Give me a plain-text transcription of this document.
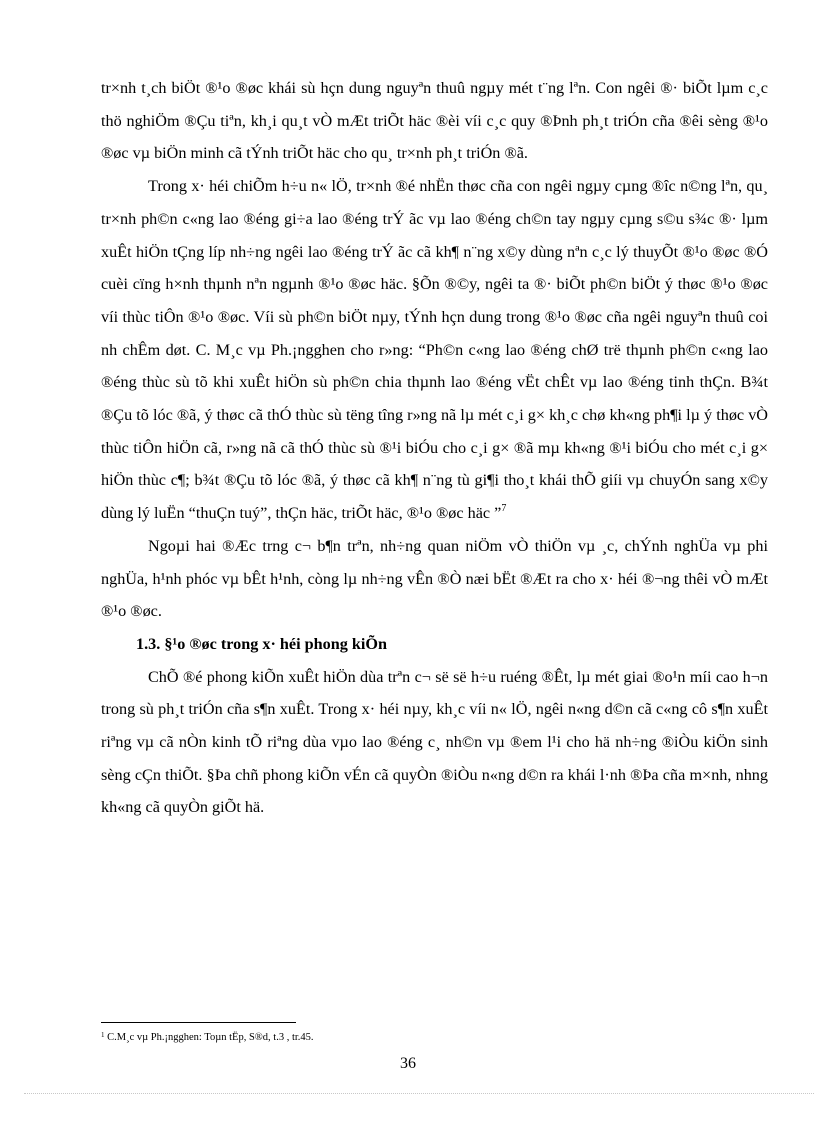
tr×nh t¸ch biÖt ®¹o ®øc khái sù hçn dung nguyªn thuû ngµy mét t¨ng lªn. Con ngêi ®· biÕt lµm c¸c thö nghiÖm ®Çu tiªn, kh¸i qu¸t vÒ mÆt triÕt häc ®èi víi c¸c quy ®Þnh ph¸t triÓn cña ®êi sèng ®¹o ®øc vµ biÖn minh cã tÝnh triÕt häc cho qu¸ tr×nh ph¸t triÓn ®ã.

Trong x· héi chiÕm h÷u n« lÖ, tr×nh ®é nhËn thøc cña con ngêi ngµy cµng ®îc n©ng lªn, qu¸ tr×nh ph©n c«ng lao ®éng gi÷a lao ®éng trÝ ãc vµ lao ®éng ch©n tay ngµy cµng s©u s¾c ®· lµm xuÊt hiÖn tÇng líp nh÷ng ngêi lao ®éng trÝ ãc cã kh¶ n¨ng x©y dùng nªn c¸c lý thuyÕt ®¹o ®øc ®Ó cuèi cïng h×nh thµnh nªn ngµnh ®¹o ®øc häc. §Õn ®©y, ngêi ta ®· biÕt ph©n biÖt ý thøc ®¹o ®øc víi thùc tiÔn ®¹o ®øc. Víi sù ph©n biÖt nµy, tÝnh hçn dung trong ®¹o ®øc cña ngêi nguyªn thuû coi nh chÊm døt. C. M¸c vµ Ph.¡ngghen cho r»ng: “Ph©n c«ng lao ®éng chØ trë thµnh ph©n c«ng lao ®éng thùc sù tõ khi xuÊt hiÖn sù ph©n chia thµnh lao ®éng vËt chÊt vµ lao ®éng tinh thÇn. B¾t ®Çu tõ lóc ®ã, ý thøc cã thÓ thùc sù tëng tîng r»ng nã lµ mét c¸i g× kh¸c chø kh«ng ph¶i lµ ý thøc vÒ thùc tiÔn hiÖn cã, r»ng nã cã thÓ thùc sù ®¹i biÓu cho c¸i g× ®ã mµ kh«ng ®¹i biÓu cho mét c¸i g× hiÖn thùc c¶; b¾t ®Çu tõ lóc ®ã, ý thøc cã kh¶ n¨ng tù gi¶i tho¸t khái thÕ giíi vµ chuyÓn sang x©y dùng lý luËn “thuÇn tuý”, thÇn häc, triÕt häc, ®¹o ®øc häc ”$^7$

Ngoµi hai ®Æc trng c¬ b¶n trªn, nh÷ng quan niÖm vÒ thiÖn vµ ¸c, chÝnh nghÜa vµ phi nghÜa, h¹nh phóc vµ bÊt h¹nh, còng lµ nh÷ng vÊn ®Ò næi bËt ®Æt ra cho x· héi ®¬ng thêi vÒ mÆt ®¹o ®øc.

1.3. §¹o ®øc trong x· héi phong kiÕn

ChÕ ®é phong kiÕn xuÊt hiÖn dùa trªn c¬ së së h÷u ruéng ®Êt, lµ mét giai ®o¹n míi cao h¬n trong sù ph¸t triÓn cña s¶n xuÊt. Trong x· héi nµy, kh¸c víi n« lÖ, ngêi n«ng d©n cã c«ng cô s¶n xuÊt riªng vµ cã nÒn kinh tÕ riªng dùa vµo lao ®éng c¸ nh©n vµ ®em l¹i cho hä nh÷ng ®iÒu kiÖn sinh sèng cÇn thiÕt. §Þa chñ phong kiÕn vÉn cã quyÒn ®iÒu n«ng d©n ra khái l·nh ®Þa cña m×nh, nhng kh«ng cã quyÒn giÕt hä.

$^1$ C.M¸c vµ Ph.¡ngghen: Toµn tËp, S®d, t.3 , tr.45.
36
